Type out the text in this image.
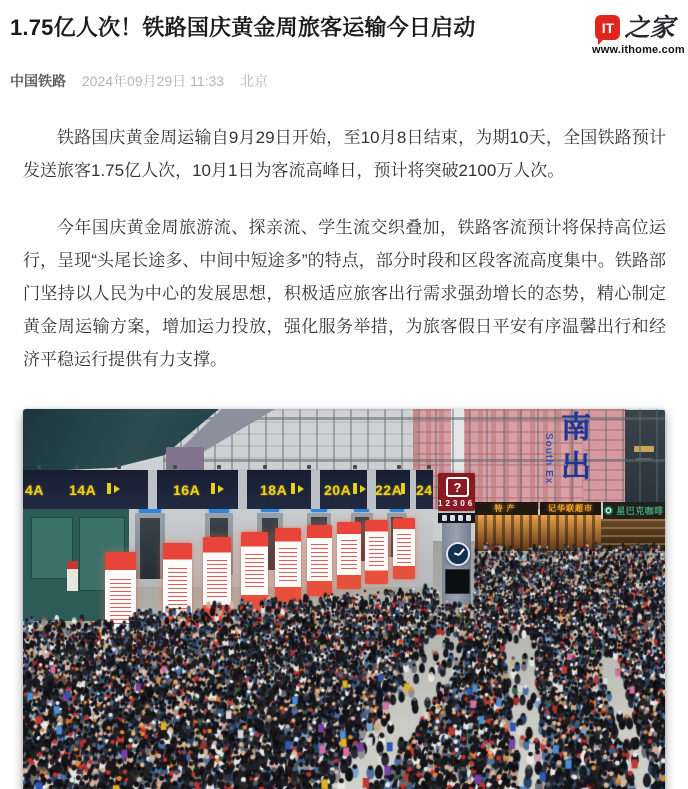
1.75亿人次！铁路国庆黄金周旅客运输今日启动	IT 之家
www.ithome.com
中国铁路 2024年09月29日 11:33 北京

铁路国庆黄金周运输自9月29日开始，至10月8日结束，为期10天，全国铁路预计发送旅客1.75亿人次，10月1日为客流高峰日，预计将突破2100万人次。

今年国庆黄金周旅游流、探亲流、学生流交织叠加，铁路客流预计将保持高位运行，呈现“头尾长途多、中间中短途多”的特点，部分时段和区段客流高度集中。铁路部门坚持以人民为中心的发展思想，积极适应旅客出行需求强劲增长的态势，精心制定黄金周运输方案，增加运力投放，强化服务举措，为旅客假日平安有序温馨出行和经济平稳运行提供有力支撑。
